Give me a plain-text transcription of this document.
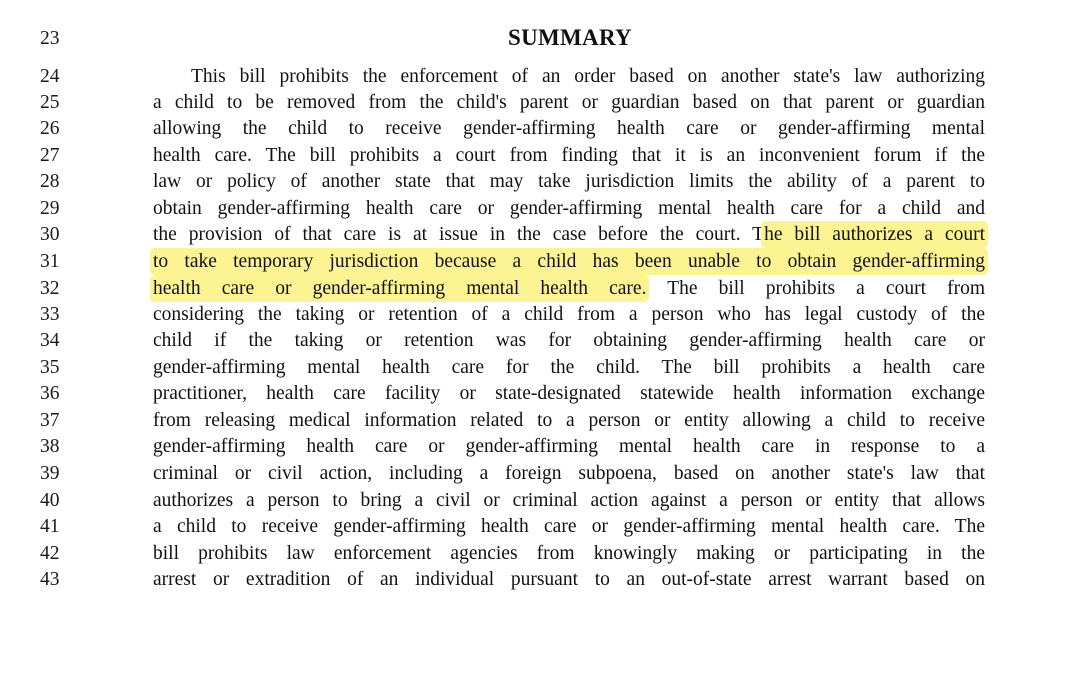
23
24
25
26
27
28
29
30
31
32
33
34
35
36
37
38
39
40
41
42
43
SUMMARY
This bill prohibits the enforcement of an order based on another state's law authorizing
a child to be removed from the child's parent or guardian based on that parent or guardian
allowing the child to receive gender-affirming health care or gender-affirming mental
health care. The bill prohibits a court from finding that it is an inconvenient forum if the
law or policy of another state that may take jurisdiction limits the ability of a parent to
obtain gender-affirming health care or gender-affirming mental health care for a child and
the provision of that care is at issue in the case before the court. The bill authorizes a court
to take temporary jurisdiction because a child has been unable to obtain gender-affirming
health care or gender-affirming mental health care. The bill prohibits a court from
considering the taking or retention of a child from a person who has legal custody of the
child if the taking or retention was for obtaining gender-affirming health care or
gender-affirming mental health care for the child. The bill prohibits a health care
practitioner, health care facility or state-designated statewide health information exchange
from releasing medical information related to a person or entity allowing a child to receive
gender-affirming health care or gender-affirming mental health care in response to a
criminal or civil action, including a foreign subpoena, based on another state's law that
authorizes a person to bring a civil or criminal action against a person or entity that allows
a child to receive gender-affirming health care or gender-affirming mental health care. The
bill prohibits law enforcement agencies from knowingly making or participating in the
arrest or extradition of an individual pursuant to an out-of-state arrest warrant based on
